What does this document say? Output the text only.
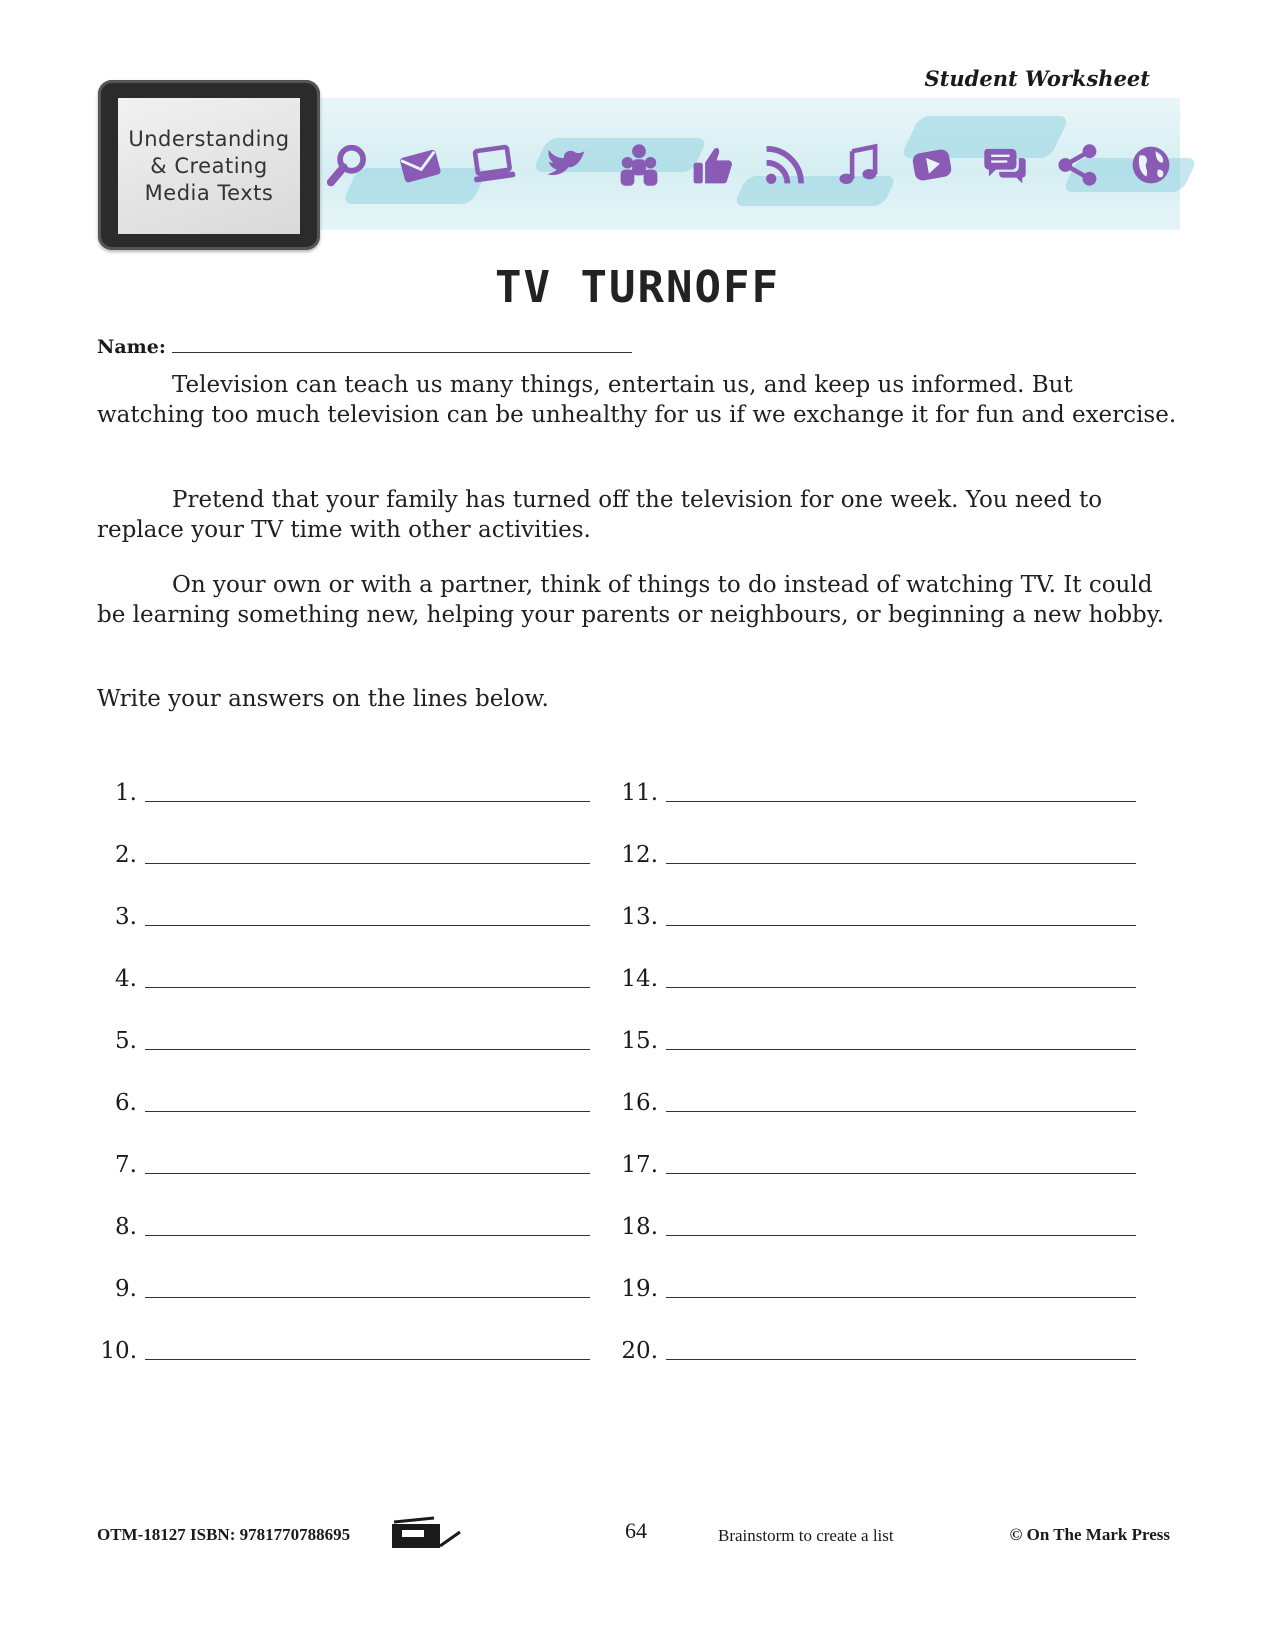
Student Worksheet
Understanding
& Creating
Media Texts
TV TURNOFF
Name:
Television can teach us many things, entertain us, and keep us informed. But watching too much television can be unhealthy for us if we exchange it for fun and exercise.
Pretend that your family has turned off the television for one week. You need to replace your TV time with other activities.
On your own or with a partner, think of things to do instead of watching TV. It could be learning something new, helping your parents or neighbours, or beginning a new hobby.
Write your answers on the lines below.
1.
2.
3.
4.
5.
6.
7.
8.
9.
10.
11.
12.
13.
14.
15.
16.
17.
18.
19.
20.
OTM-18127 ISBN: 9781770788695	64	Brainstorm to create a list	© On The Mark Press
